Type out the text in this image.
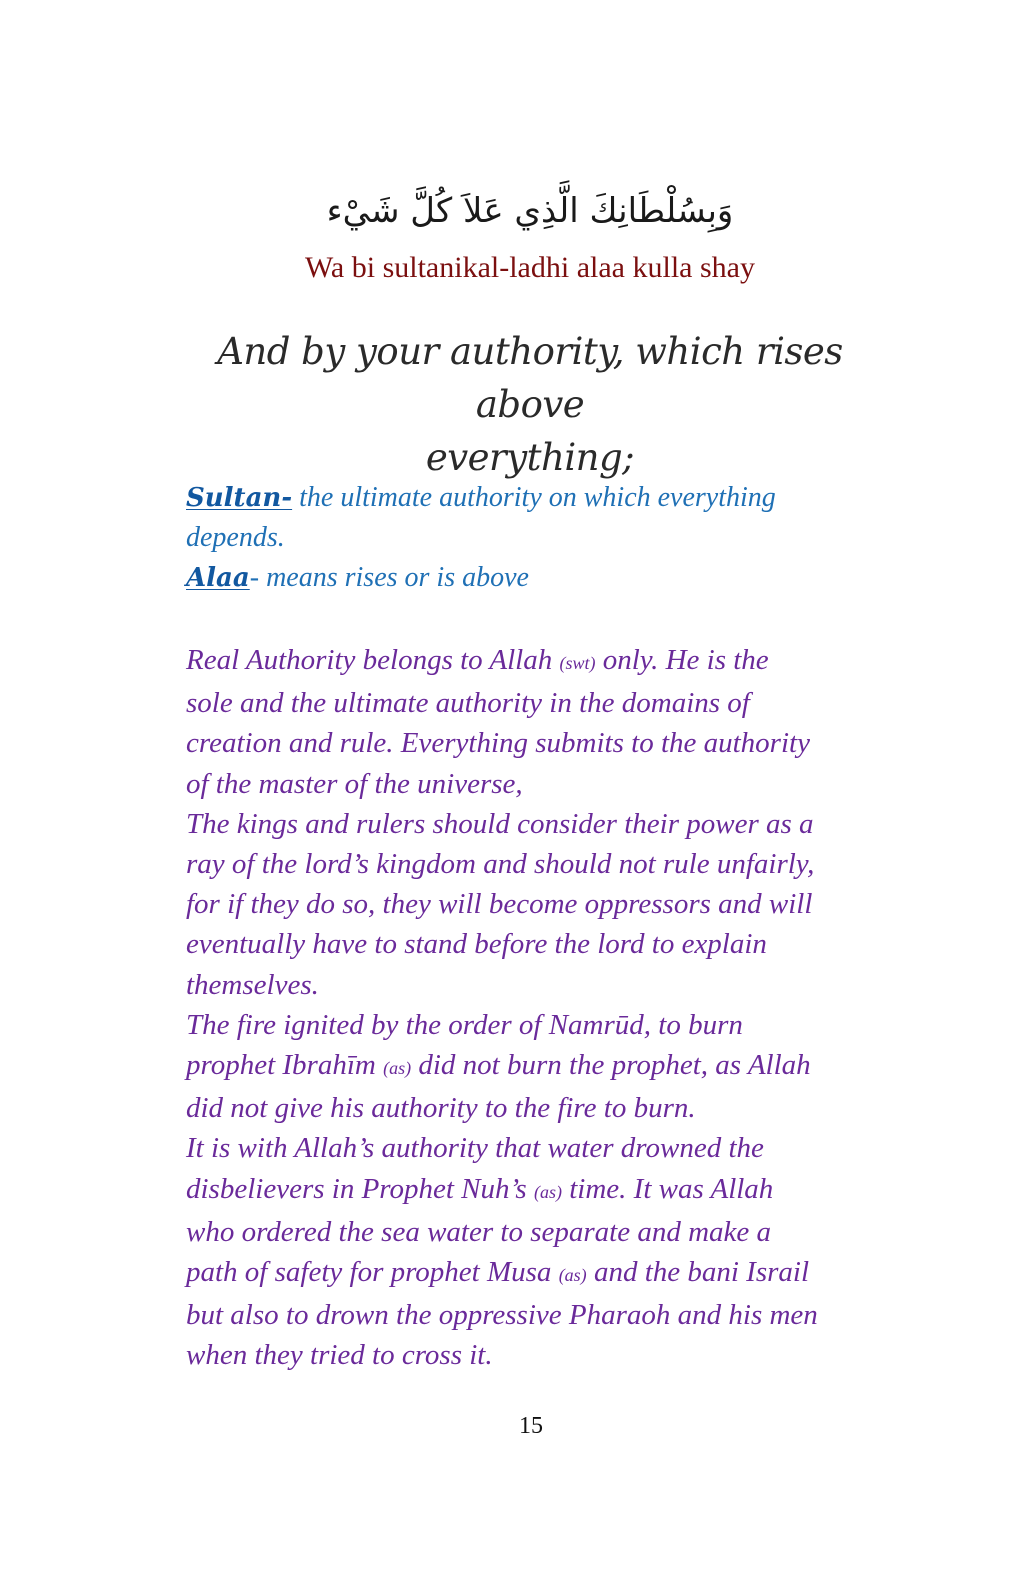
وَبِسُلْطَانِكَ الَّذِي عَلاَ كُلَّ شَيْء
Wa bi sultanikal-ladhi alaa kulla shay
And by your authority, which rises above
everything;
Sultan- the ultimate authority on which everything
depends.
Alaa- means rises or is above
Real Authority belongs to Allah (swt) only. He is the
sole and the ultimate authority in the domains of
creation and rule. Everything submits to the authority
of the master of the universe,
The kings and rulers should consider their power as a
ray of the lord’s kingdom and should not rule unfairly,
for if they do so, they will become oppressors and will
eventually have to stand before the lord to explain
themselves.
The fire ignited by the order of Namrūd, to burn
prophet Ibrahīm (as) did not burn the prophet, as Allah
did not give his authority to the fire to burn.
It is with Allah’s authority that water drowned the
disbelievers in Prophet Nuh’s (as) time. It was Allah
who ordered the sea water to separate and make a
path of safety for prophet Musa (as) and the bani Israil
but also to drown the oppressive Pharaoh and his men
when they tried to cross it.
15
